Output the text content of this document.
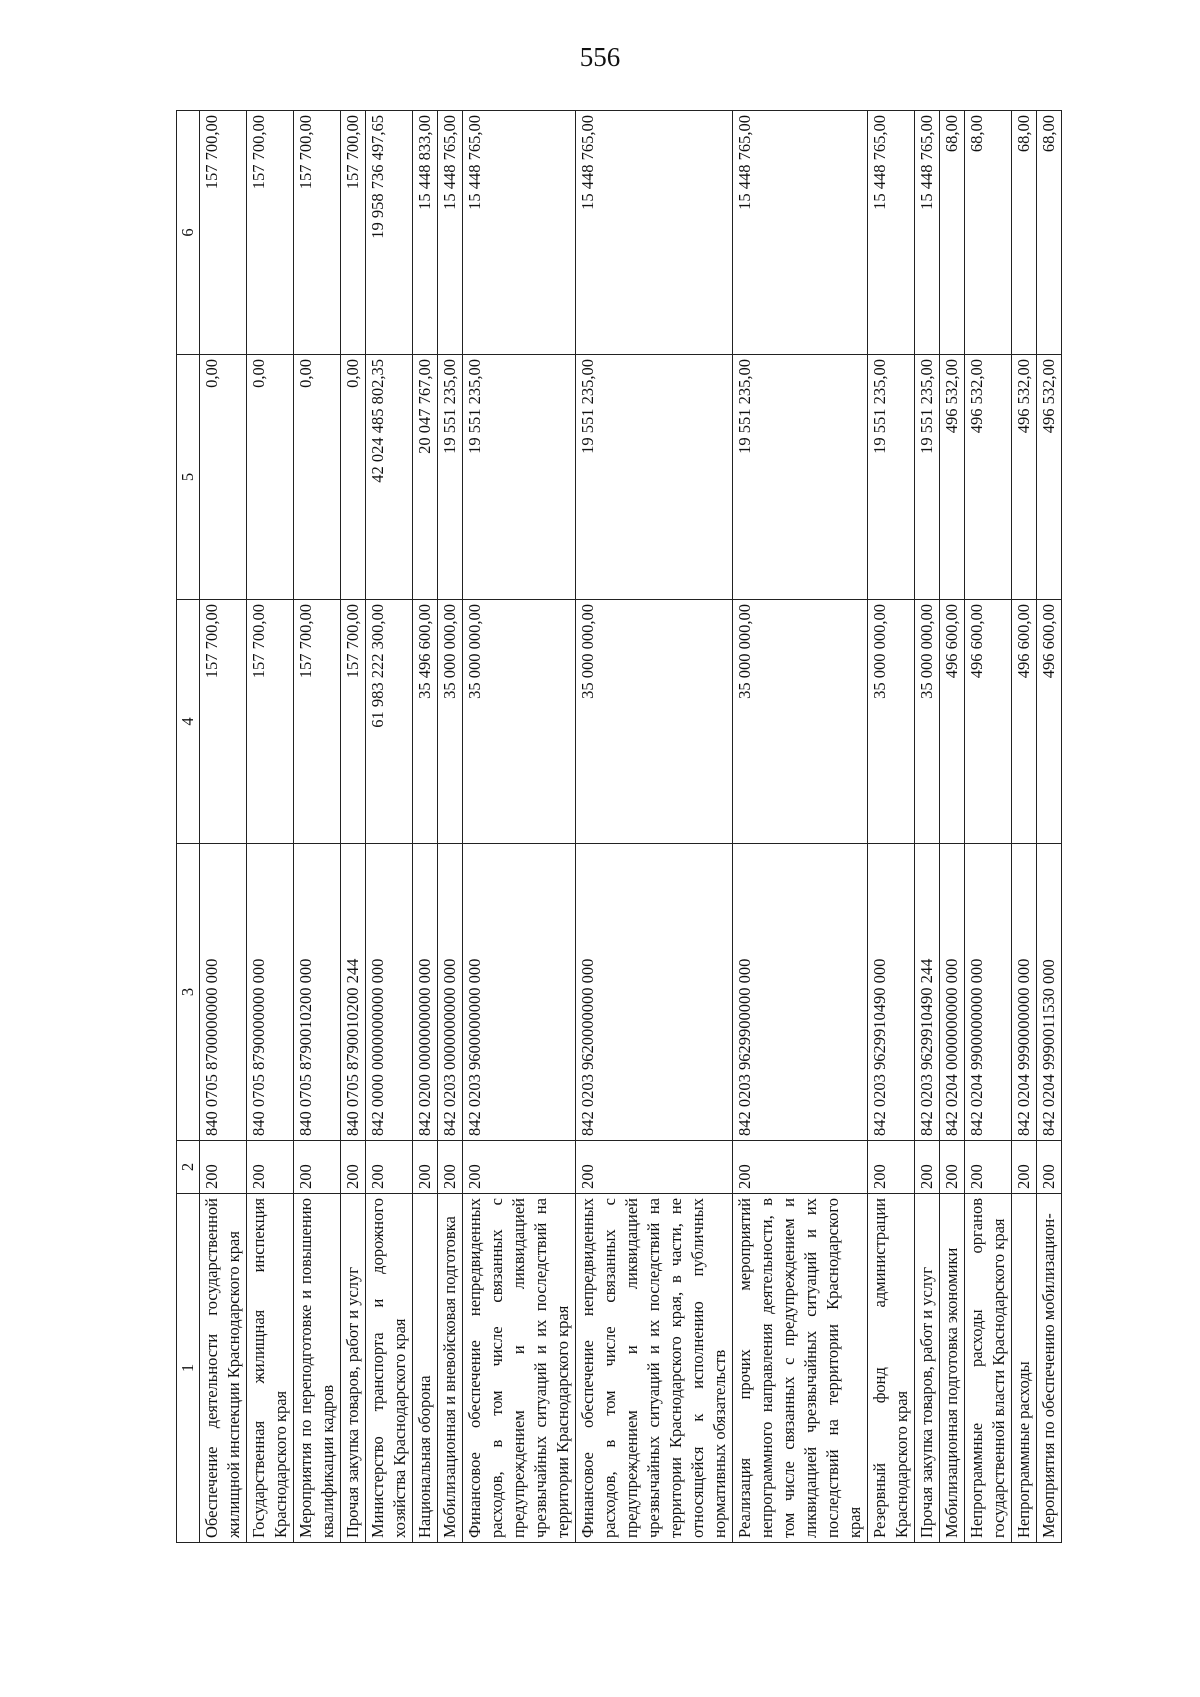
556
1	2	3	4	5	6
Обеспечение деятельности государственной жилищной инспекции Краснодарского края	200	840 0705 8700000000 000	157 700,00	0,00	157 700,00
Государственная жилищная инспекция Краснодарского края	200	840 0705 8790000000 000	157 700,00	0,00	157 700,00
Мероприятия по переподготовке и повышению квалификации кадров	200	840 0705 8790010200 000	157 700,00	0,00	157 700,00
Прочая закупка товаров, работ и услуг	200	840 0705 8790010200 244	157 700,00	0,00	157 700,00
Министерство транспорта и дорожного хозяйства Краснодарского края	200	842 0000 0000000000 000	61 983 222 300,00	42 024 485 802,35	19 958 736 497,65
Национальная оборона	200	842 0200 0000000000 000	35 496 600,00	20 047 767,00	15 448 833,00
Мобилизационная и вневойсковая подготовка	200	842 0203 0000000000 000	35 000 000,00	19 551 235,00	15 448 765,00
Финансовое обеспечение непредвиденных расходов, в том числе связанных с предупреждением и ликвидацией чрезвычайных ситуаций и их последствий на территории Краснодарского края	200	842 0203 9600000000 000	35 000 000,00	19 551 235,00	15 448 765,00
Финансовое обеспечение непредвиденных расходов, в том числе связанных с предупреждением и ликвидацией чрезвычайных ситуаций и их последствий на территории Краснодарского края, в части, не относящейся к исполнению публичных нормативных обязательств	200	842 0203 9620000000 000	35 000 000,00	19 551 235,00	15 448 765,00
Реализация прочих мероприятий непрограммного направления деятельности, в том числе связанных с предупреждением и ликвидацией чрезвычайных ситуаций и их последствий на территории Краснодарского края	200	842 0203 9629900000 000	35 000 000,00	19 551 235,00	15 448 765,00
Резервный фонд администрации Краснодарского края	200	842 0203 9629910490 000	35 000 000,00	19 551 235,00	15 448 765,00
Прочая закупка товаров, работ и услуг	200	842 0203 9629910490 244	35 000 000,00	19 551 235,00	15 448 765,00
Мобилизационная подготовка экономики	200	842 0204 0000000000 000	496 600,00	496 532,00	68,00
Непрограммные расходы органов государственной власти Краснодарского края	200	842 0204 9900000000 000	496 600,00	496 532,00	68,00
Непрограммные расходы	200	842 0204 9990000000 000	496 600,00	496 532,00	68,00
Мероприятия по обеспечению мобилизацион-	200	842 0204 9990011530 000	496 600,00	496 532,00	68,00
